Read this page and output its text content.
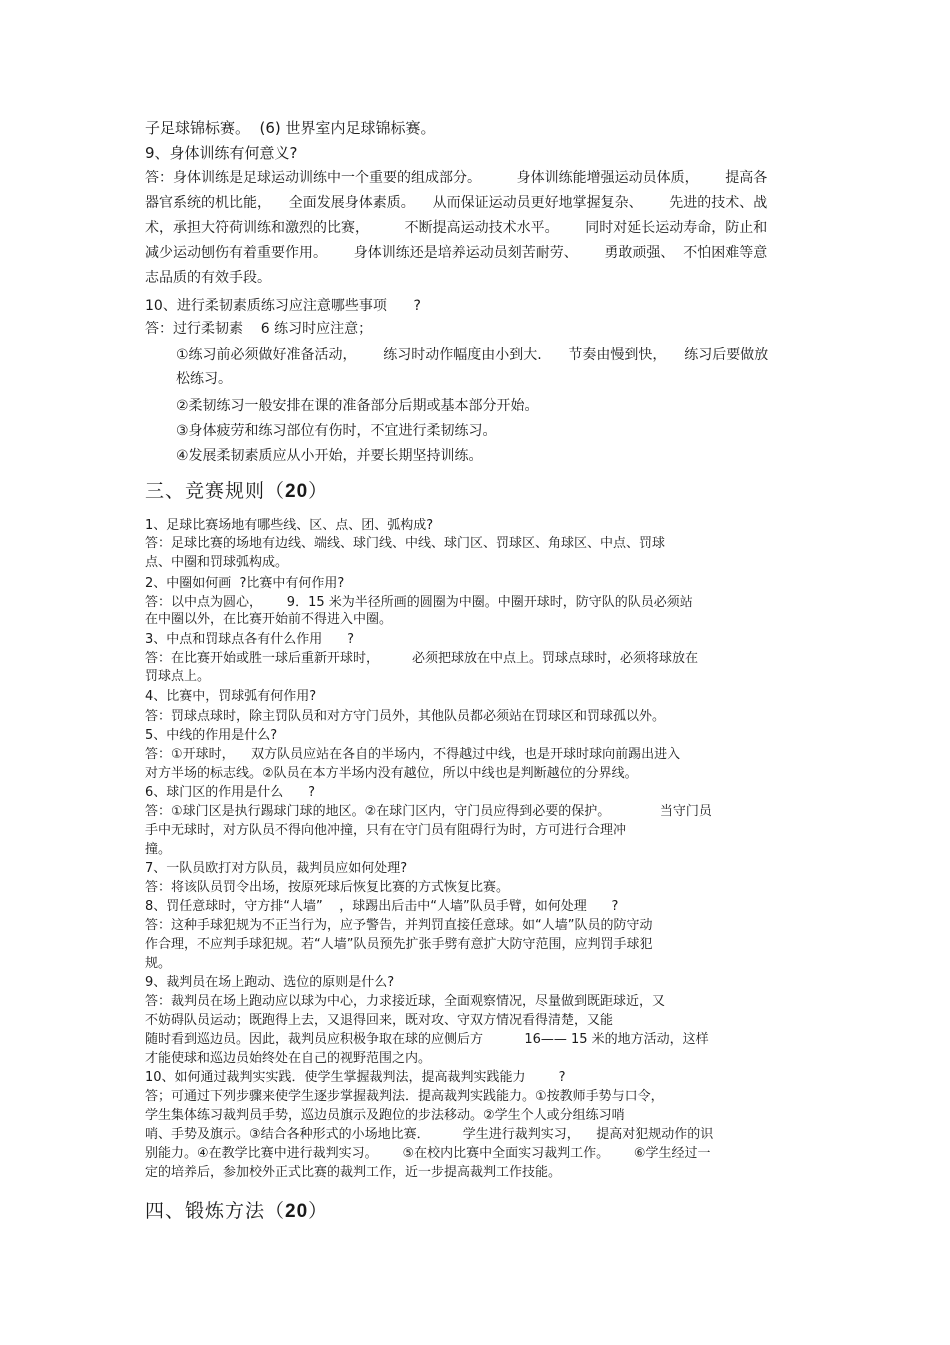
子足球锦标赛。  (6) 世界室内足球锦标赛。
9、身体训练有何意义?
答：身体训练是足球运动训练中一个重要的组成部分。        身体训练能增强运动员体质，      提高各
器官系统的机比能，    全面发展身体素质。    从而保证运动员更好地掌握复杂、      先进的技术、战
术，承担大符荷训练和激烈的比赛，        不断提高运动技术水平。      同时对延长运动寿命，防止和
减少运动刨伤有着重要作用。      身体训练还是培养运动员刻苦耐劳、      勇敢顽强、  不怕困难等意
志品质的有效手段。
10、进行柔韧素质练习应注意哪些事项      ?
答：过行柔韧素    6 练习时应注意；
①练习前必须做好准备活动，      练习时动作幅度由小到大.      节奏由慢到快，    练习后要做放
松练习。
②柔韧练习一般安排在课的准备部分后期或基本部分开始。
③身体疲劳和练习部位有伤时，不宜进行柔韧练习。
④发展柔韧素质应从小开始，并要长期坚持训练。
三、竞赛规则（20）
1、足球比赛场地有哪些线、区、点、团、弧构成?
答：足球比赛的场地有边线、端线、球门线、中线、球门区、罚球区、角球区、中点、罚球
点、中圈和罚球弧构成。
2、中圈如何画  ?比赛中有何作用?
答：以中点为圆心，      9．15 米为半径所画的圆圈为中圈。中圈开球时，防守队的队员必须站
在中圈以外，在比赛开始前不得进入中圈。
3、中点和罚球点各有什么作用      ?
答：在比赛开始或胜一球后重新开球时，        必须把球放在中点上。罚球点球时，必须将球放在
罚球点上。
4、比赛中，罚球弧有何作用?
答：罚球点球时，除主罚队员和对方守门员外，其他队员都必须站在罚球区和罚球孤以外。
5、中线的作用是什么?
答：①开球时，    双方队员应站在各自的半场内，不得越过中线，也是开球时球向前踢出进入
对方半场的标志线。②队员在本方半场内没有越位，所以中线也是判断越位的分界线。
6、球门区的作用是什么      ?
答：①球门区是执行踢球门球的地区。②在球门区内，守门员应得到必要的保护。            当守门员
手中无球时，对方队员不得向他冲撞，只有在守门员有阻碍行为时，方可进行合理冲
撞。
7、一队员欧打对方队员，裁判员应如何处理?
答：将该队员罚令出场，按原死球后恢复比赛的方式恢复比赛。
8、罚任意球时，守方排“人墙”    ，球踢出后击中“人墙”队员手臂，如何处理      ?
答：这种手球犯规为不正当行为，应予警告，并判罚直接任意球。如“人墙”队员的防守动
作合理，不应判手球犯规。若“人墙”队员预先扩张手劈有意扩大防守范围，应判罚手球犯
规。
9、裁判员在场上跑动、选位的原则是什么?
答：裁判员在场上跑动应以球为中心，力求接近球，全面观察情况，尽量做到既距球近，又
不妨碍队员运动；既跑得上去，又退得回来，既对攻、守双方情况看得清楚，又能
随时看到巡边员。因此，裁判员应积极争取在球的应侧后方          16—— 15 米的地方活动，这样
才能使球和巡边员始终处在自己的视野范围之内。
10、如何通过裁判实实践．使学生掌握裁判法，提高裁判实践能力        ?
答；可通过下列步骤来使学生逐步掌握裁判法．提高裁判实践能力。①按教师手势与口令，
学生集体练习裁判员手势，巡边员旗示及跑位的步法移动。②学生个人或分组练习哨
哨、手势及旗示。③结合各种形式的小场地比赛．        学生进行裁判实习，    提高对犯规动作的识
别能力。④在教学比赛中进行裁判实习。      ⑤在校内比赛中全面实习裁判工作。      ⑥学生经过一
定的培养后，参加校外正式比赛的裁判工作，近一步提高裁判工作技能。
四、锻炼方法（20）
